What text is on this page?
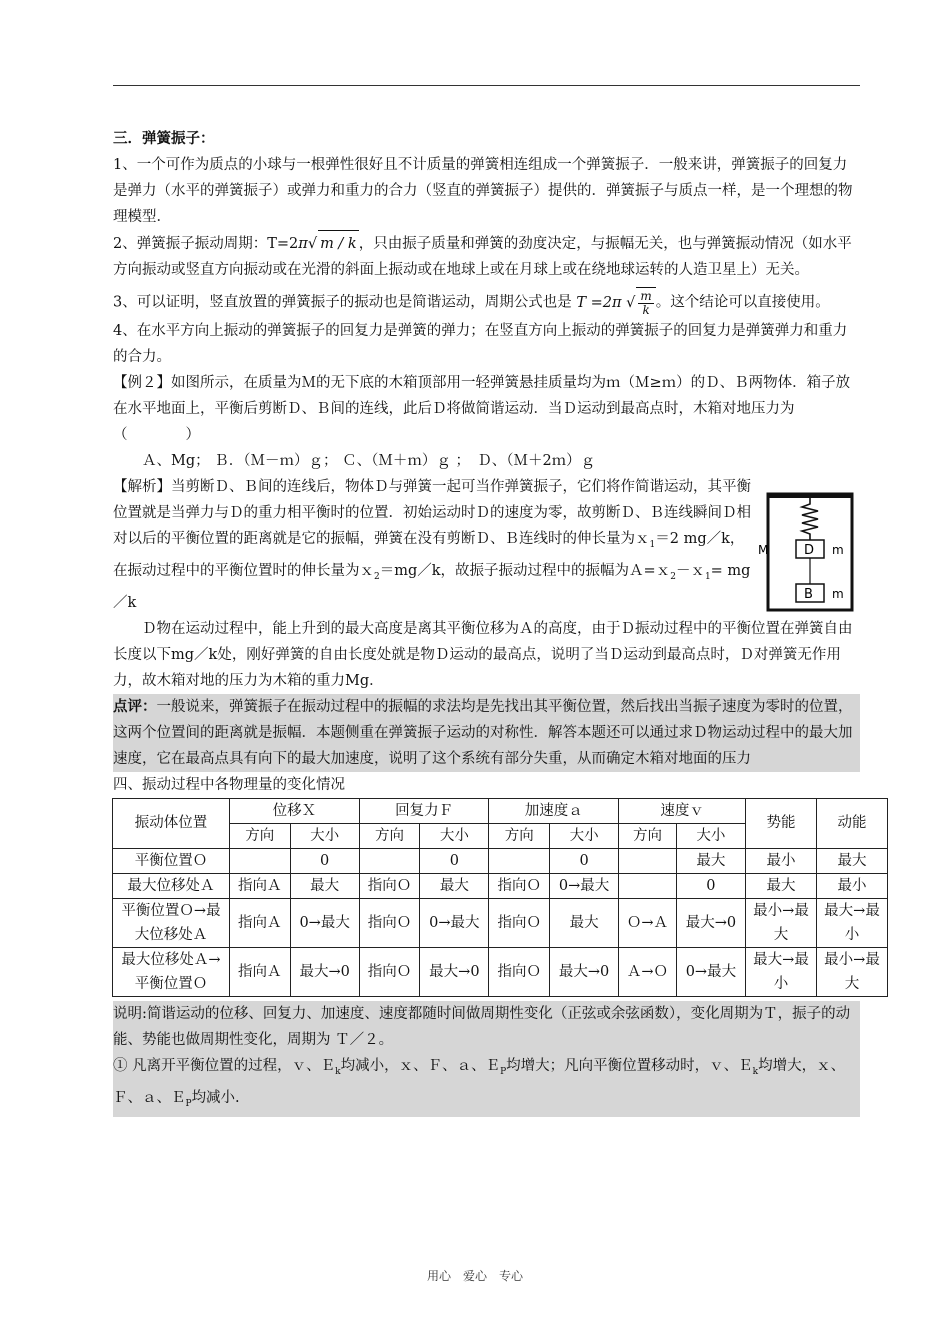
三．弹簧振子：

1、一个可作为质点的小球与一根弹性很好且不计质量的弹簧相连组成一个弹簧振子．一般来讲，弹簧振子的回复力是弹力（水平的弹簧振子）或弹力和重力的合力（竖直的弹簧振子）提供的．弹簧振子与质点一样，是一个理想的物理模型．

2、弹簧振子振动周期：T=2π√ m / k ，只由振子质量和弹簧的劲度决定，与振幅无关，也与弹簧振动情况（如水平方向振动或竖直方向振动或在光滑的斜面上振动或在地球上或在月球上或在绕地球运转的人造卫星上）无关。

3、可以证明，竖直放置的弹簧振子的振动也是简谐运动，周期公式也是 T =2π √ $\frac{m}{k}$ 。这个结论可以直接使用。

4、在水平方向上振动的弹簧振子的回复力是弹簧的弹力；在竖直方向上振动的弹簧振子的回复力是弹簧弹力和重力的合力。

【例２】如图所示，在质量为Ｍ的无下底的木箱顶部用一轻弹簧悬挂质量均为ｍ（Ｍ≥ｍ）的Ｄ、Ｂ两物体．箱子放在水平地面上，平衡后剪断Ｄ、Ｂ间的连线，此后Ｄ将做简谐运动．当Ｄ运动到最高点时，木箱对地压力为（　　　　）

Ａ、Mg； Ｂ．（Ｍ－ｍ）ｇ； Ｃ、（Ｍ＋ｍ）ｇ ；　Ｄ、（Ｍ＋2ｍ）ｇ

【解析】当剪断Ｄ、Ｂ间的连线后，物体Ｄ与弹簧一起可当作弹簧振子，它们将作简谐运动，其平衡位置就是当弹力与Ｄ的重力相平衡时的位置．初始运动时Ｄ的速度为零，故剪断Ｄ、Ｂ连线瞬间Ｄ相对以后的平衡位置的距离就是它的振幅，弹簧在没有剪断Ｄ、Ｂ连线时的伸长量为ｘ$_1$＝2 mg／k，在振动过程中的平衡位置时的伸长量为ｘ$_2$＝mg／k，故振子振动过程中的振幅为Ａ=ｘ$_2$－ｘ$_1$= mg／k

Ｄ物在运动过程中，能上升到的最大高度是离其平衡位移为Ａ的高度，由于Ｄ振动过程中的平衡位置在弹簧自由长度以下mg／k处，刚好弹簧的自由长度处就是物Ｄ运动的最高点，说明了当Ｄ运动到最高点时，Ｄ对弹簧无作用力，故木箱对地的压力为木箱的重力Mg．

点评：一般说来，弹簧振子在振动过程中的振幅的求法均是先找出其平衡位置，然后找出当振子速度为零时的位置，这两个位置间的距离就是振幅．本题侧重在弹簧振子运动的对称性．解答本题还可以通过求Ｄ物运动过程中的最大加速度，它在最高点具有向下的最大加速度，说明了这个系统有部分失重，从而确定木箱对地面的压力

四、振动过程中各物理量的变化情况

振动体位置	位移Ｘ		回复力Ｆ		加速度ａ		速度ｖ		势能	动能
	方向	大小	方向	大小	方向	大小	方向	大小		
平衡位置Ｏ		0		0		0		最大	最小	最大
最大位移处Ａ	指向Ａ	最大	指向Ｏ	最大	指向Ｏ	0→最大		0	最大	最小
平衡位置Ｏ→最大位移处Ａ	指向Ａ	0→最大	指向Ｏ	0→最大	指向Ｏ	最大	Ｏ→Ａ	最大→0	最小→最大	最大→最小
最大位移处Ａ→平衡位置Ｏ	指向Ａ	最大→0	指向Ｏ	最大→0	指向Ｏ	最大→0	Ａ→Ｏ	0→最大	最大→最小	最小→最大

说明:简谐运动的位移、回复力、加速度、速度都随时间做周期性变化（正弦或余弦函数），变化周期为Ｔ，振子的动能、势能也做周期性变化，周期为 Ｔ／２。

① 凡离开平衡位置的过程，ｖ、Ｅ$_k$均减小，ｘ、Ｆ、ａ、Ｅ$_P$均增大；凡向平衡位置移动时，ｖ、Ｅ$_k$均增大，ｘ、Ｆ、ａ、Ｅ$_P$均减小.

D
B
M	m
m
用心　爱心　专心
